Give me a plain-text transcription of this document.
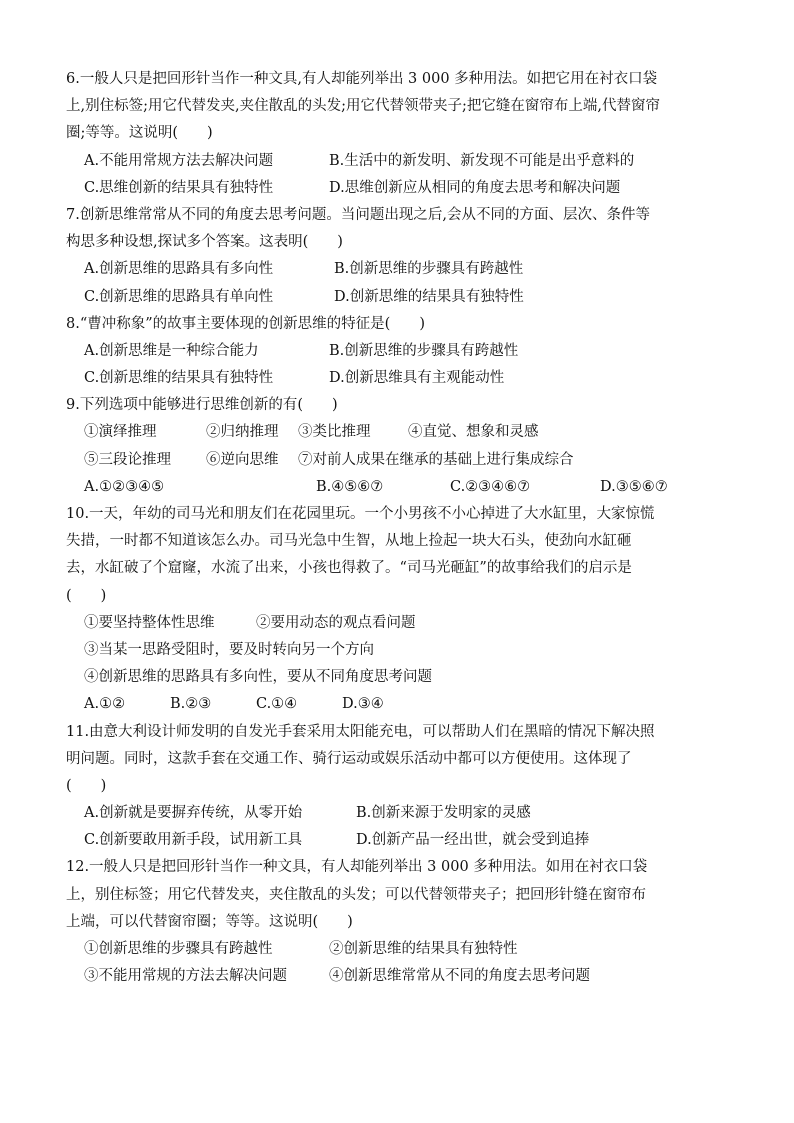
6.一般人只是把回形针当作一种文具,有人却能列举出 3 000 多种用法。如把它用在衬衣口袋
上,别住标签;用它代替发夹,夹住散乱的头发;用它代替领带夹子;把它缝在窗帘布上端,代替窗帘
圈;等等。这说明(　　)
A.不能用常规方法去解决问题	B.生活中的新发明、新发现不可能是出乎意料的
C.思维创新的结果具有独特性	D.思维创新应从相同的角度去思考和解决问题
7.创新思维常常从不同的角度去思考问题。当问题出现之后,会从不同的方面、层次、条件等
构思多种设想,探试多个答案。这表明(　　)
A.创新思维的思路具有多向性	B.创新思维的步骤具有跨越性
C.创新思维的思路具有单向性	D.创新思维的结果具有独特性
8.“曹冲称象”的故事主要体现的创新思维的特征是(　　)
A.创新思维是一种综合能力	B.创新思维的步骤具有跨越性
C.创新思维的结果具有独特性	D.创新思维具有主观能动性
9.下列选项中能够进行思维创新的有(　　)
①演绎推理	②归纳推理	③类比推理	④直觉、想象和灵感
⑤三段论推理	⑥逆向思维	⑦对前人成果在继承的基础上进行集成综合
A.①②③④⑤	B.④⑤⑥⑦	C.②③④⑥⑦	D.③⑤⑥⑦
10.一天，年幼的司马光和朋友们在花园里玩。一个小男孩不小心掉进了大水缸里，大家惊慌
失措，一时都不知道该怎么办。司马光急中生智，从地上捡起一块大石头，使劲向水缸砸
去，水缸破了个窟窿，水流了出来，小孩也得救了。“司马光砸缸”的故事给我们的启示是
(　　)
①要坚持整体性思维	②要用动态的观点看问题
③当某一思路受阻时，要及时转向另一个方向
④创新思维的思路具有多向性，要从不同角度思考问题
A.①②	B.②③	C.①④	D.③④
11.由意大利设计师发明的自发光手套采用太阳能充电，可以帮助人们在黑暗的情况下解决照
明问题。同时，这款手套在交通工作、骑行运动或娱乐活动中都可以方便使用。这体现了
(　　)
A.创新就是要摒弃传统，从零开始	B.创新来源于发明家的灵感
C.创新要敢用新手段，试用新工具	D.创新产品一经出世，就会受到追捧
12.一般人只是把回形针当作一种文具，有人却能列举出 3 000 多种用法。如用在衬衣口袋
上，别住标签；用它代替发夹，夹住散乱的头发；可以代替领带夹子；把回形针缝在窗帘布
上端，可以代替窗帘圈；等等。这说明(　　)
①创新思维的步骤具有跨越性	②创新思维的结果具有独特性
③不能用常规的方法去解决问题	④创新思维常常从不同的角度去思考问题
